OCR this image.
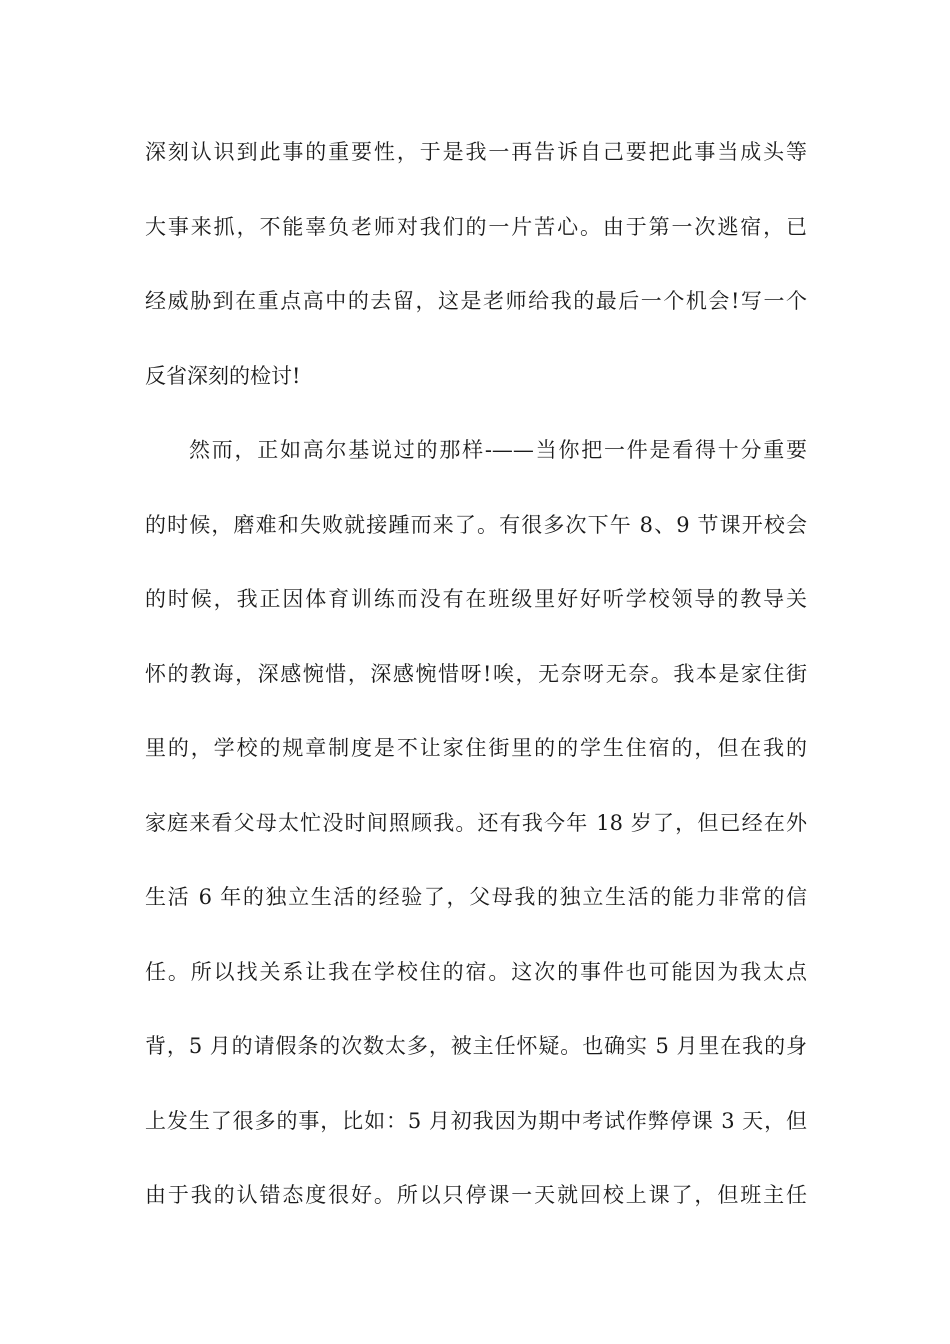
深刻认识到此事的重要性，于是我一再告诉自己要把此事当成头等
大事来抓，不能辜负老师对我们的一片苦心。由于第一次逃宿，已
经威胁到在重点高中的去留，这是老师给我的最后一个机会!写一个
反省深刻的检讨!
然而，正如高尔基说过的那样-——当你把一件是看得十分重要
的时候，磨难和失败就接踵而来了。有很多次下午 8、9 节课开校会
的时候，我正因体育训练而没有在班级里好好听学校领导的教导关
怀的教诲，深感惋惜，深感惋惜呀!唉，无奈呀无奈。我本是家住街
里的，学校的规章制度是不让家住街里的的学生住宿的，但在我的
家庭来看父母太忙没时间照顾我。还有我今年 18 岁了，但已经在外
生活 6 年的独立生活的经验了，父母我的独立生活的能力非常的信
任。所以找关系让我在学校住的宿。这次的事件也可能因为我太点
背，5 月的请假条的次数太多，被主任怀疑。也确实 5 月里在我的身
上发生了很多的事，比如：5 月初我因为期中考试作弊停课 3 天，但
由于我的认错态度很好。所以只停课一天就回校上课了，但班主任
